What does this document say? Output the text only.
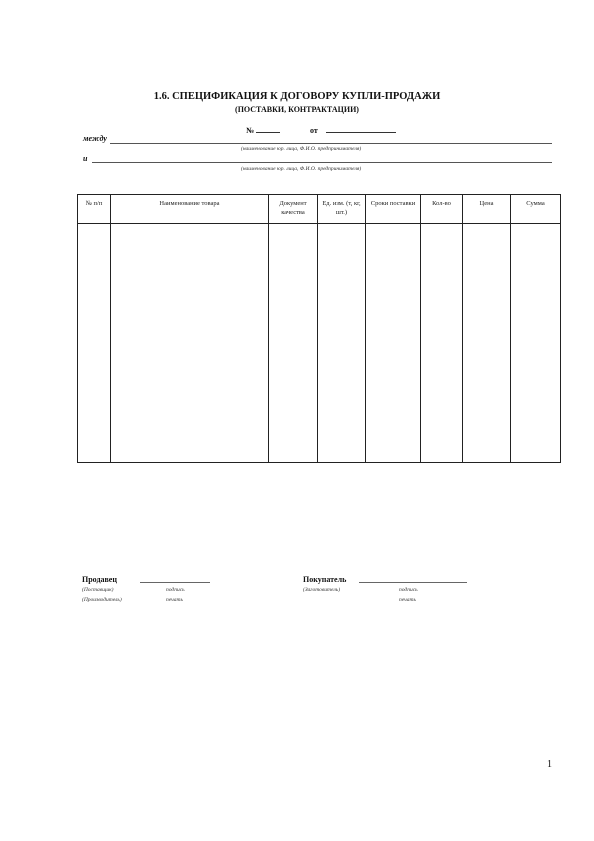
1.6. СПЕЦИФИКАЦИЯ К ДОГОВОРУ КУПЛИ-ПРОДАЖИ
(ПОСТАВКИ, КОНТРАКТАЦИИ)
№	от
между
(наименование юр. лица, Ф.И.О. предпринимателя)
и
(наименование юр. лица, Ф.И.О. предпринимателя)
№ п/п	Наименование товара	Документ качества	Ед. изм. (т, кг, шт.)	Сроки поставки	Кол-во	Цена	Сумма

Продавец
(Поставщик)
(Производитель)
подпись
печать
Покупатель
(Заготовитель)	подпись
печать
1
